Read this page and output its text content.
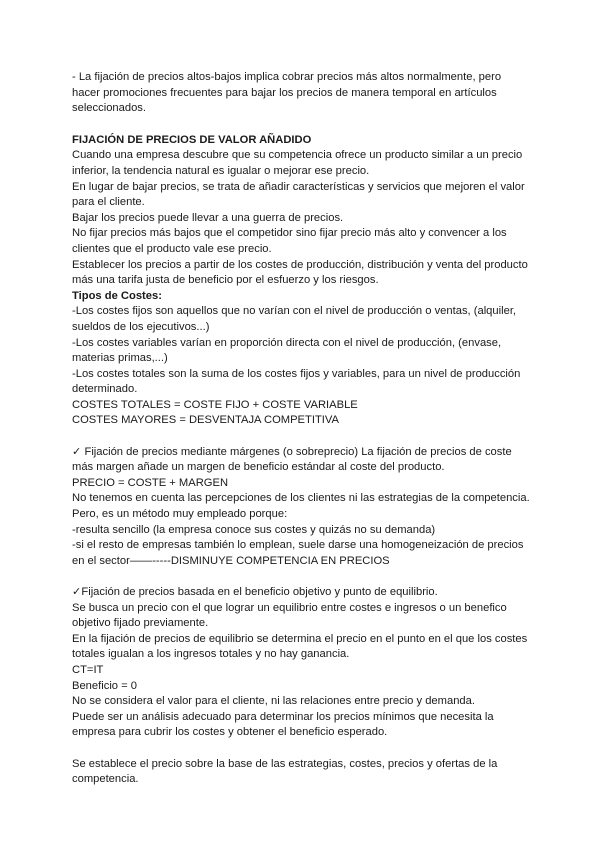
- La fijación de precios altos-bajos implica cobrar precios más altos normalmente, pero
hacer promociones frecuentes para bajar los precios de manera temporal en artículos
seleccionados.
FIJACIÓN DE PRECIOS DE VALOR AÑADIDO
Cuando una empresa descubre que su competencia ofrece un producto similar a un precio
inferior, la tendencia natural es igualar o mejorar ese precio.
En lugar de bajar precios, se trata de añadir características y servicios que mejoren el valor
para el cliente.
Bajar los precios puede llevar a una guerra de precios.
No fijar precios más bajos que el competidor sino fijar precio más alto y convencer a los
clientes que el producto vale ese precio.
Establecer los precios a partir de los costes de producción, distribución y venta del producto
más una tarifa justa de beneficio por el esfuerzo y los riesgos.
Tipos de Costes:
-Los costes fijos son aquellos que no varían con el nivel de producción o ventas, (alquiler,
sueldos de los ejecutivos...)
-Los costes variables varían en proporción directa con el nivel de producción, (envase,
materias primas,...)
-Los costes totales son la suma de los costes fijos y variables, para un nivel de producción
determinado.
COSTES TOTALES = COSTE FIJO + COSTE VARIABLE
COSTES MAYORES = DESVENTAJA COMPETITIVA
✓ Fijación de precios mediante márgenes (o sobreprecio) La fijación de precios de coste
más margen añade un margen de beneficio estándar al coste del producto.
PRECIO = COSTE + MARGEN
No tenemos en cuenta las percepciones de los clientes ni las estrategias de la competencia.
Pero, es un método muy empleado porque:
-resulta sencillo (la empresa conoce sus costes y quizás no su demanda)
-si el resto de empresas también lo emplean, suele darse una homogeneización de precios
en el sector——-----DISMINUYE COMPETENCIA EN PRECIOS
✓Fijación de precios basada en el beneficio objetivo y punto de equilibrio.
Se busca un precio con el que lograr un equilibrio entre costes e ingresos o un benefico
objetivo fijado previamente.
En la fijación de precios de equilibrio se determina el precio en el punto en el que los costes
totales igualan a los ingresos totales y no hay ganancia.
CT=IT
Beneficio = 0
No se considera el valor para el cliente, ni las relaciones entre precio y demanda.
Puede ser un análisis adecuado para determinar los precios mínimos que necesita la
empresa para cubrir los costes y obtener el beneficio esperado.
Se establece el precio sobre la base de las estrategias, costes, precios y ofertas de la
competencia.
